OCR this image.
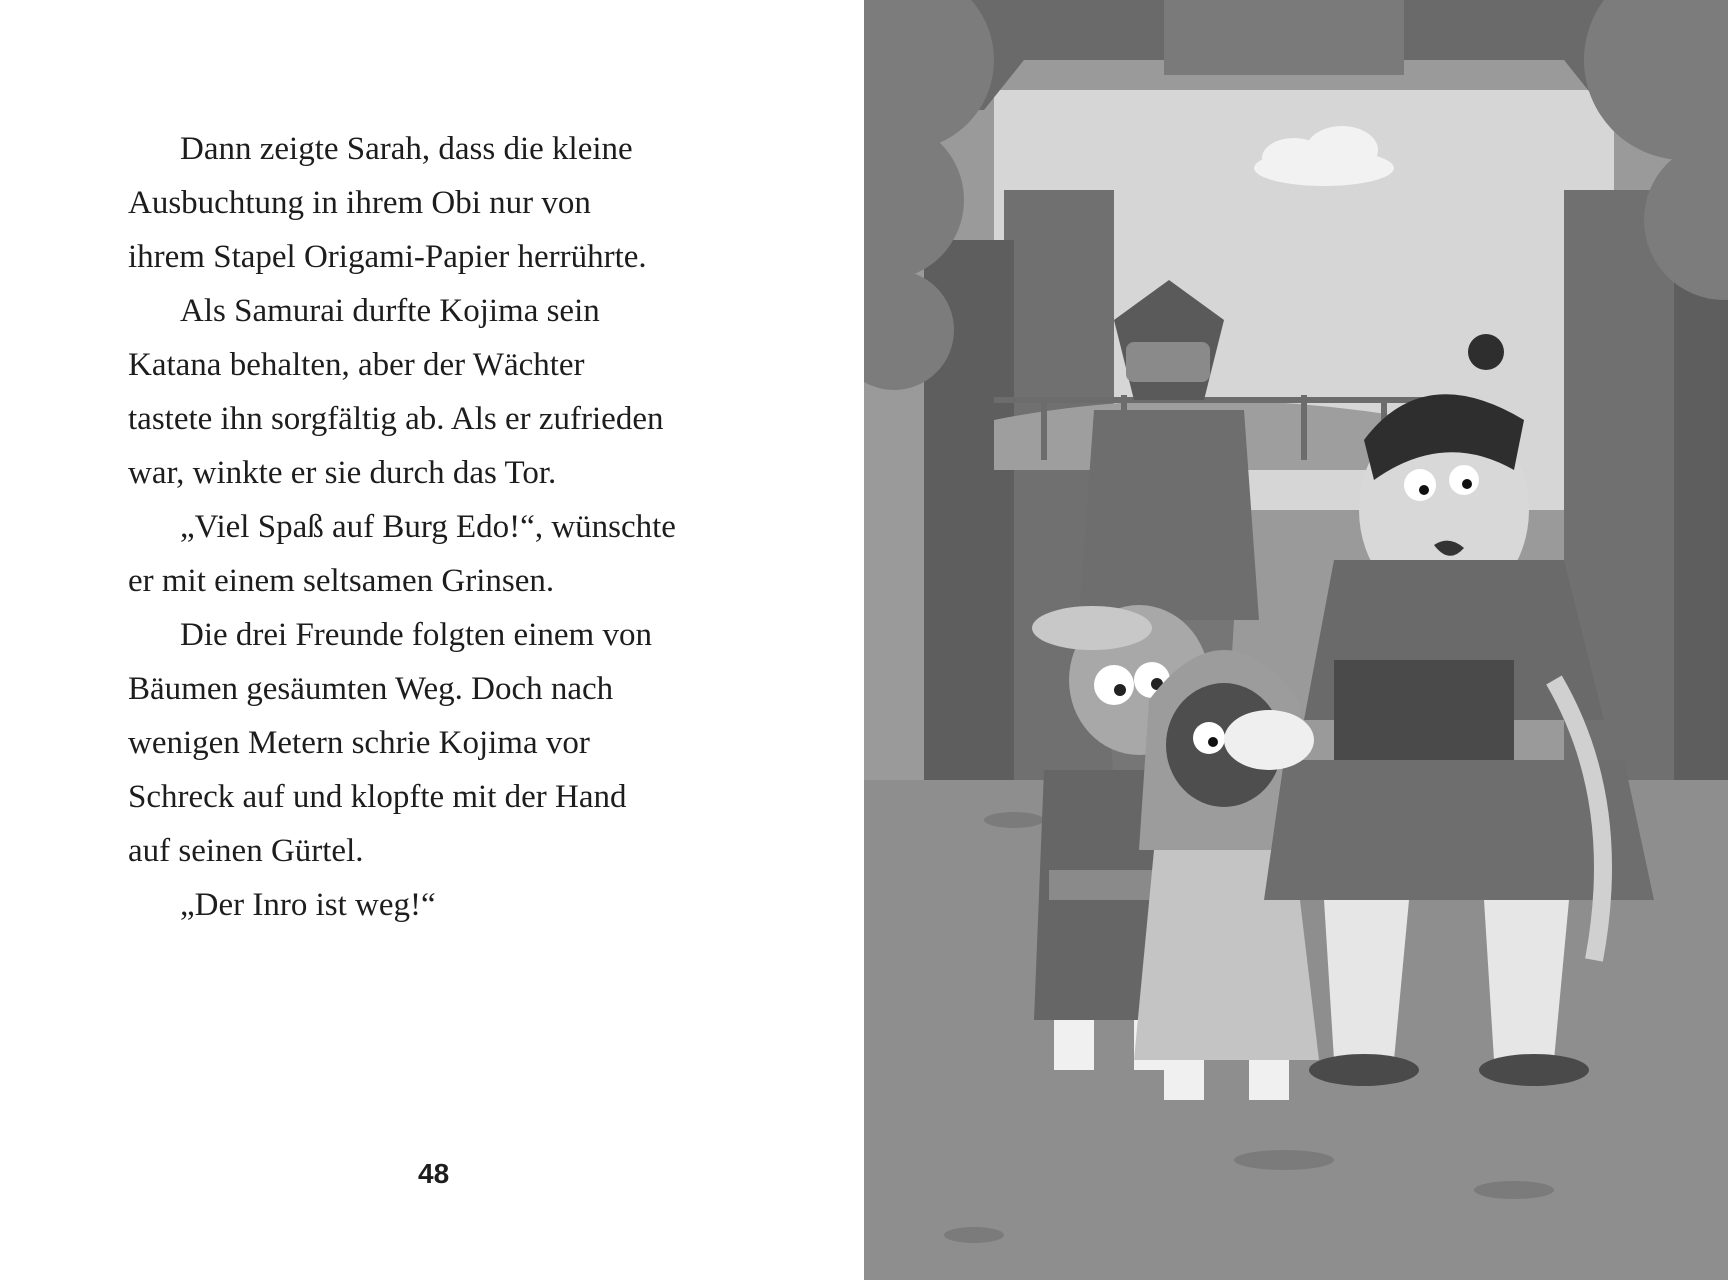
Dann zeigte Sarah, dass die kleine

Ausbuchtung in ihrem Obi nur von
ihrem Stapel Origami-Papier herrührte.

Als Samurai durfte Kojima sein

Katana behalten, aber der Wächter
tastete ihn sorgfältig ab. Als er zufrieden
war, winkte er sie durch das Tor.

„Viel Spaß auf Burg Edo!“, wünschte

er mit einem seltsamen Grinsen.

Die drei Freunde folgten einem von

Bäumen gesäumten Weg. Doch nach
wenigen Metern schrie Kojima vor
Schreck auf und klopfte mit der Hand
auf seinen Gürtel.

„Der Inro ist weg!“

48
